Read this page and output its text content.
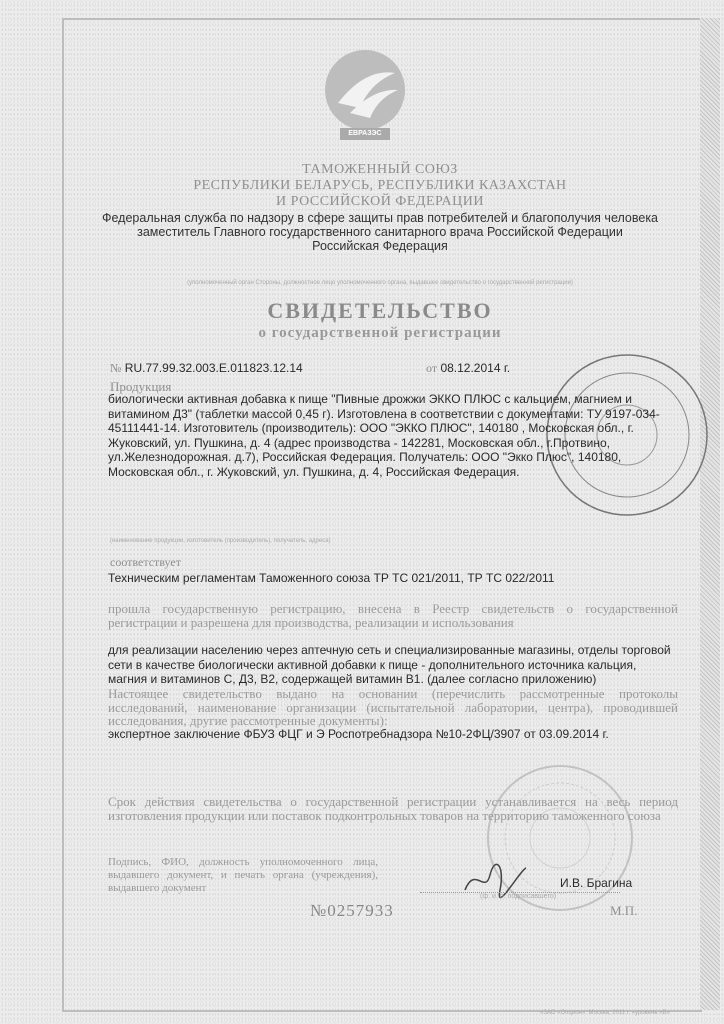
ЕВРАЗЭС
ТАМОЖЕННЫЙ СОЮЗ
РЕСПУБЛИКИ БЕЛАРУСЬ, РЕСПУБЛИКИ КАЗАХСТАН
И РОССИЙСКОЙ ФЕДЕРАЦИИ
Федеральная служба по надзору в сфере защиты прав потребителей и благополучия человека
заместитель Главного государственного санитарного врача Российской Федерации
Российская Федерация
(уполномоченный орган Стороны, должностное лицо уполномоченного органа, выдавшее свидетельство о государственной регистрации)
СВИДЕТЕЛЬСТВО
о государственной регистрации
№ RU.77.99.32.003.Е.011823.12.14	от 08.12.2014 г.
Продукция
биологически активная добавка к пище "Пивные дрожжи ЭККО ПЛЮС с кальцием, магнием и
витамином Д3" (таблетки массой 0,45 г). Изготовлена в соответствии с документами: ТУ 9197-034-
45111441-14. Изготовитель (производитель): ООО "ЭККО ПЛЮС", 140180 , Московская обл., г.
Жуковский, ул. Пушкина, д. 4 (адрес производства - 142281, Московская обл., г.Протвино,
ул.Железнодорожная. д.7), Российская Федерация. Получатель: ООО "Экко Плюс", 140180,
Московская обл., г. Жуковский, ул. Пушкина, д. 4, Российская Федерация.
(наименование продукции, изготовитель (производитель), получатель, адреса)
соответствует
Техническим регламентам Таможенного союза ТР ТС 021/2011, ТР ТС 022/2011
прошла государственную регистрацию, внесена в Реестр свидетельств о государственной регистрации и разрешена для производства, реализации и использования
для реализации населению через аптечную сеть и специализированные магазины, отделы торговой
сети в качестве биологически активной добавки к пище - дополнительного источника кальция,
магния и витаминов С, Д3, В2, содержащей витамин В1. (далее согласно приложению)
Настоящее свидетельство выдано на основании (перечислить рассмотренные протоколы исследований, наименование организации (испытательной лаборатории, центра), проводившей исследования, другие рассмотренные документы):
экспертное заключение ФБУЗ ФЦГ и Э Роспотребнадзора №10-2ФЦ/3907 от 03.09.2014 г.
Срок действия свидетельства о государственной регистрации устанавливается на весь период изготовления продукции или поставок подконтрольных товаров на территорию таможенного союза
Подпись, ФИО, должность уполномоченного лица, выдавшего документ, и печать органа (учреждения), выдавшего документ	И.В. Брагина
(ф. и. о. подписавшего)
№0257933	М.П.
«ЗАО «Опцион»: Москва, 2011 г. «уровень «Б»
